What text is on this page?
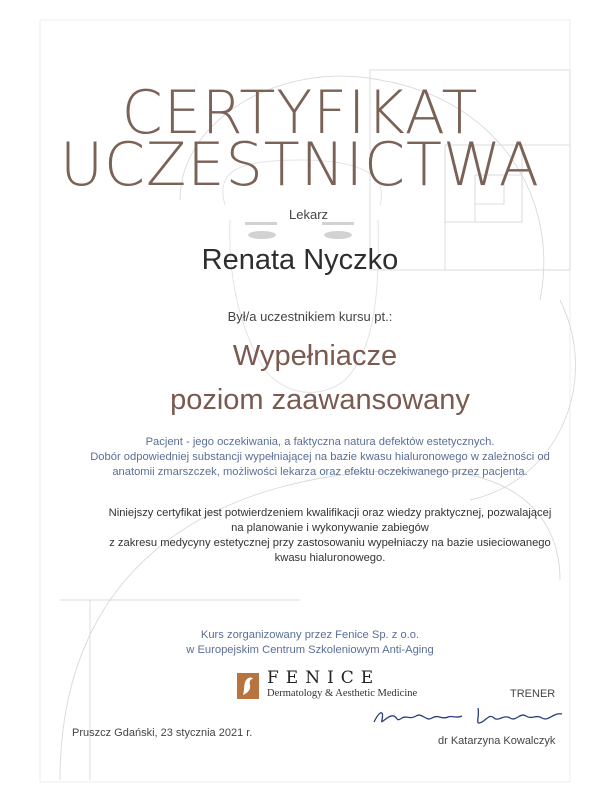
CERTYFIKAT
UCZESTNICTWA
Lekarz
Renata Nyczko
Był/a uczestnikiem kursu pt.:
Wypełniacze
poziom zaawansowany
Pacjent - jego oczekiwania, a faktyczna natura defektów estetycznych.
Dobór odpowiedniej substancji wypełniającej na bazie kwasu hialuronowego w zależności od
anatomii zmarszczek, możliwości lekarza oraz efektu oczekiwanego przez pacjenta.
Niniejszy certyfikat jest potwierdzeniem kwalifikacji oraz wiedzy praktycznej, pozwalającej
na planowanie i wykonywanie zabiegów
z zakresu medycyny estetycznej przy zastosowaniu wypełniaczy na bazie usieciowanego
kwasu hialuronowego.
Kurs zorganizowany przez Fenice Sp. z o.o.
w Europejskim Centrum Szkoleniowym Anti-Aging
FENICE
Dermatology & Aesthetic Medicine	TRENER
Pruszcz Gdański, 23 stycznia 2021 r.
dr Katarzyna Kowalczyk
